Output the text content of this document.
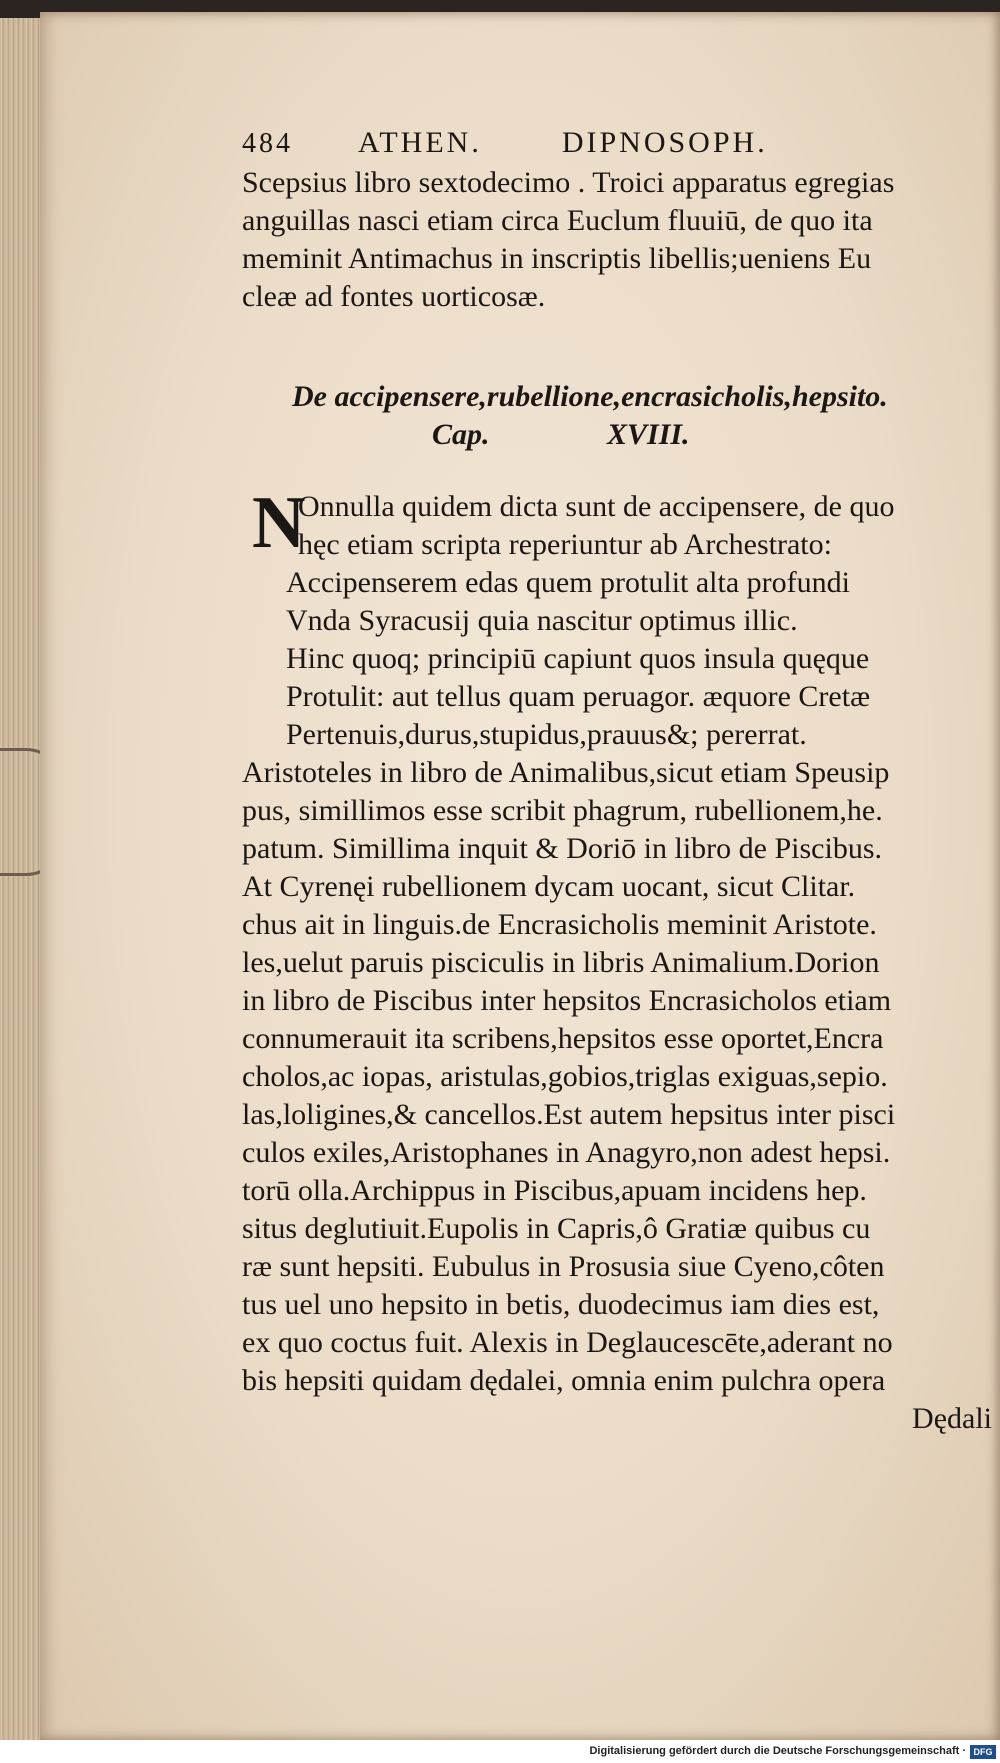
484	ATHEN.	DIPNOSOPH.
Scepsius libro sextodecimo . Troici apparatus egregias
anguillas nasci etiam circa Euclum fluuiū, de quo ita
meminit Antimachus in inscriptis libellis;ueniens Eu
cleæ ad fontes uorticosæ.
De accipensere,rubellione,encrasicholis,hepsito.
Cap.	XVIII.
N
Onnulla quidem dicta sunt de accipensere, de quo
hęc etiam scripta reperiuntur ab Archestrato:
Accipenserem edas quem protulit alta profundi
Vnda Syracusij quia nascitur optimus illic.
Hinc quoq; principiū capiunt quos insula quęque
Protulit: aut tellus quam peruagor. æquore Cretæ
Pertenuis,durus,stupidus,prauus&; pererrat.
Aristoteles in libro de Animalibus,sicut etiam Speusip
pus, simillimos esse scribit phagrum, rubellionem,he.
patum. Simillima inquit & Doriō in libro de Piscibus.
At Cyrenęi rubellionem dycam uocant, sicut Clitar.
chus ait in linguis.de Encrasicholis meminit Aristote.
les,uelut paruis pisciculis in libris Animalium.Dorion
in libro de Piscibus inter hepsitos Encrasicholos etiam
connumerauit ita scribens,hepsitos esse oportet,Encra
cholos,ac iopas, aristulas,gobios,triglas exiguas,sepio.
las,loligines,& cancellos.Est autem hepsitus inter pisci
culos exiles,Aristophanes in Anagyro,non adest hepsi.
torū olla.Archippus in Piscibus,apuam incidens hep.
situs deglutiuit.Eupolis in Capris,ô Gratiæ quibus cu
ræ sunt hepsiti. Eubulus in Prosusia siue Cyeno,côten
tus uel uno hepsito in betis, duodecimus iam dies est,
ex quo coctus fuit. Alexis in Deglaucescēte,aderant no
bis hepsiti quidam dędalei, omnia enim pulchra opera
Dędali
Digitalisierung gefördert durch die Deutsche Forschungsgemeinschaft · DFG
